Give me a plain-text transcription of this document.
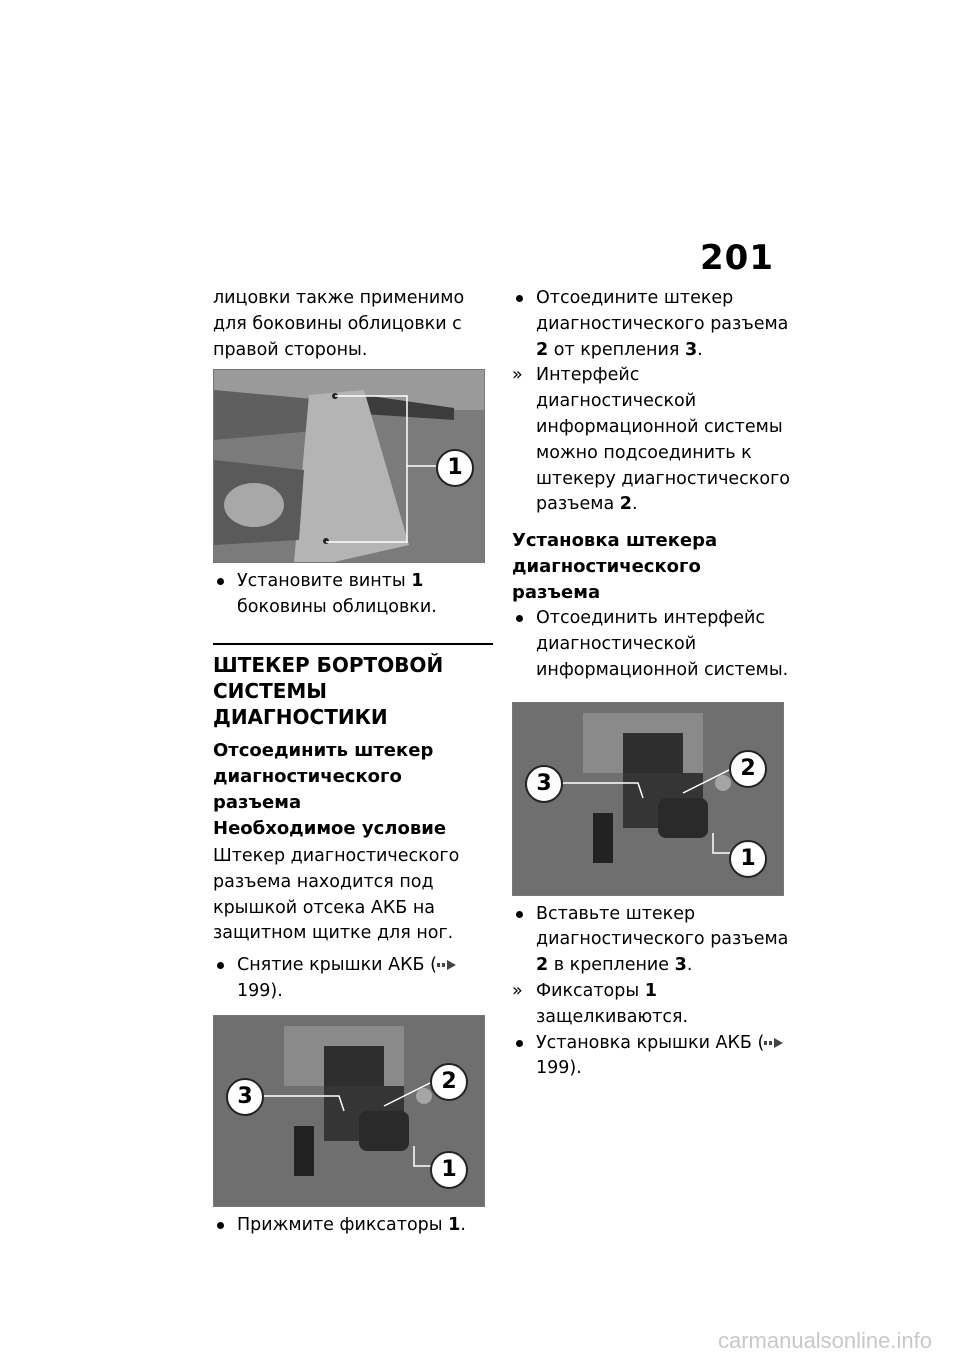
201

лицовки также применимо для боковины облицовки с правой стороны.

1
Установите винты 1 боковины облицовки.
ШТЕКЕР БОРТОВОЙ СИСТЕМЫ ДИАГНОСТИКИ
Отсоединить штекер диагностического разъема
Необходимое условие

Штекер диагностического разъема находится под крышкой отсека АКБ на защитном щитке для ног.

Снятие крышки АКБ ( 199).
3
2
1
Прижмите фиксаторы 1.
Отсоедините штекер диагностического разъема 2 от крепления 3.
» Интерфейс диагностической информационной системы можно подсоединить к штекеру диагностического разъема 2.
Установка штекера диагностического разъема
Отсоединить интерфейс диагностической информационной системы.
3
2
1
Вставьте штекер диагностического разъема 2 в крепление 3.
» Фиксаторы 1 защелкиваются.
Установка крышки АКБ ( 199).
carmanualsonline.info
